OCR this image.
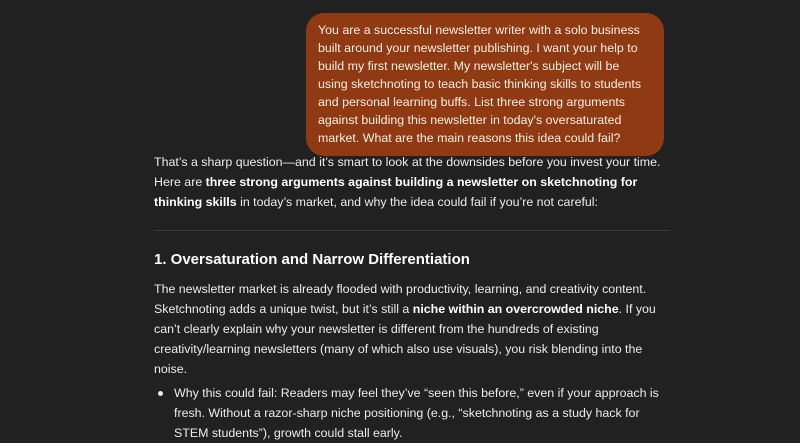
You are a successful newsletter writer with a solo business built around your newsletter publishing. I want your help to build my first newsletter. My newsletter's subject will be using sketchnoting to teach basic thinking skills to students and personal learning buffs. List three strong arguments against building this newsletter in today's oversaturated market. What are the main reasons this idea could fail?

That’s a sharp question—and it’s smart to look at the downsides before you invest your time. Here are three strong arguments against building a newsletter on sketchnoting for thinking skills in today’s market, and why the idea could fail if you’re not careful:

1. Oversaturation and Narrow Differentiation

The newsletter market is already flooded with productivity, learning, and creativity content. Sketchnoting adds a unique twist, but it’s still a niche within an overcrowded niche. If you can’t clearly explain why your newsletter is different from the hundreds of existing creativity/learning newsletters (many of which also use visuals), you risk blending into the noise.

Why this could fail: Readers may feel they’ve “seen this before,” even if your approach is fresh. Without a razor-sharp niche positioning (e.g., “sketchnoting as a study hack for STEM students”), growth could stall early.
